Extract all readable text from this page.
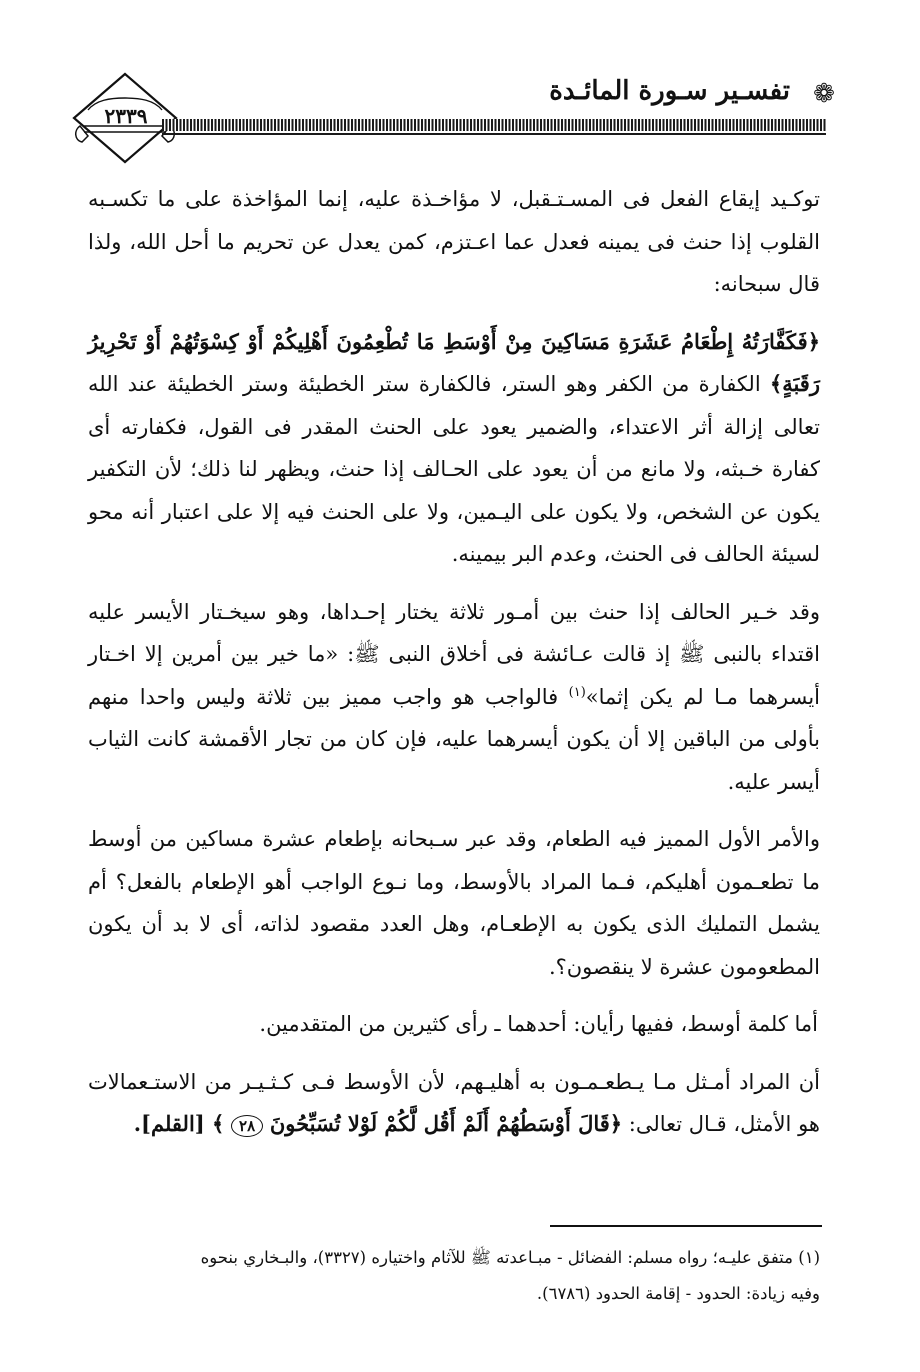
٢٣٣٩
تفسـير سـورة المائـدة ❁

توكـيد إيقاع الفعل فى المسـتـقبل، لا مؤاخـذة عليه، إنما المؤاخذة على ما تكسـبه القلوب إذا حنث فى يمينه فعدل عما اعـتزم، كمن يعدل عن تحريم ما أحل الله، ولذا قال سبحانه:

﴿فَكَفَّارَتُهُ إِطْعَامُ عَشَرَةِ مَسَاكِينَ مِنْ أَوْسَطِ مَا تُطْعِمُونَ أَهْلِيكُمْ أَوْ كِسْوَتُهُمْ أَوْ تَحْرِيرُ رَقَبَةٍ﴾ الكفارة من الكفر وهو الستر، فالكفارة ستر الخطيئة وستر الخطيئة عند الله تعالى إزالة أثر الاعتداء، والضمير يعود على الحنث المقدر فى القول، فكفارته أى كفارة خـبثه، ولا مانع من أن يعود على الحـالف إذا حنث، ويظهر لنا ذلك؛ لأن التكفير يكون عن الشخص، ولا يكون على اليـمين، ولا على الحنث فيه إلا على اعتبار أنه محو لسيئة الحالف فى الحنث، وعدم البر بيمينه.

وقد خـير الحالف إذا حنث بين أمـور ثلاثة يختار إحـداها، وهو سيخـتار الأيسر عليه اقتداء بالنبى ﷺ إذ قالت عـائشة فى أخلاق النبى ﷺ: «ما خير بين أمرين إلا اخـتار أيسرهما مـا لم يكن إثما»$^{(١)}$ فالواجب هو واجب مميز بين ثلاثة وليس واحدا منهم بأولى من الباقين إلا أن يكون أيسرهما عليه، فإن كان من تجار الأقمشة كانت الثياب أيسر عليه.

والأمر الأول المميز فيه الطعام، وقد عبر سـبحانه بإطعام عشرة مساكين من أوسط ما تطعـمون أهليكم، فـما المراد بالأوسط، وما نـوع الواجب أهو الإطعام بالفعل؟ أم يشمل التمليك الذى يكون به الإطعـام، وهل العدد مقصود لذاته، أى لا بد أن يكون المطعومون عشرة لا ينقصون؟.

أما كلمة أوسط، ففيها رأيان: أحدهما ـ رأى كثيرين من المتقدمين.

أن المراد أمـثل مـا يـطعـمـون به أهليـهم، لأن الأوسط فـى كـثـيـر من الاستـعمالات هو الأمثل، قـال تعالى: ﴿قَالَ أَوْسَطُهُمْ أَلَمْ أَقُل لَّكُمْ لَوْلا تُسَبِّحُونَ ٢٨ ﴾ [القلم].

(١) متفق عليـه؛ رواه مسلم: الفضائل - مبـاعدته ﷺ للآثام واختياره (٣٣٢٧)، والبـخاري بنحوه

وفيه زيادة: الحدود - إقامة الحدود (٦٧٨٦).
